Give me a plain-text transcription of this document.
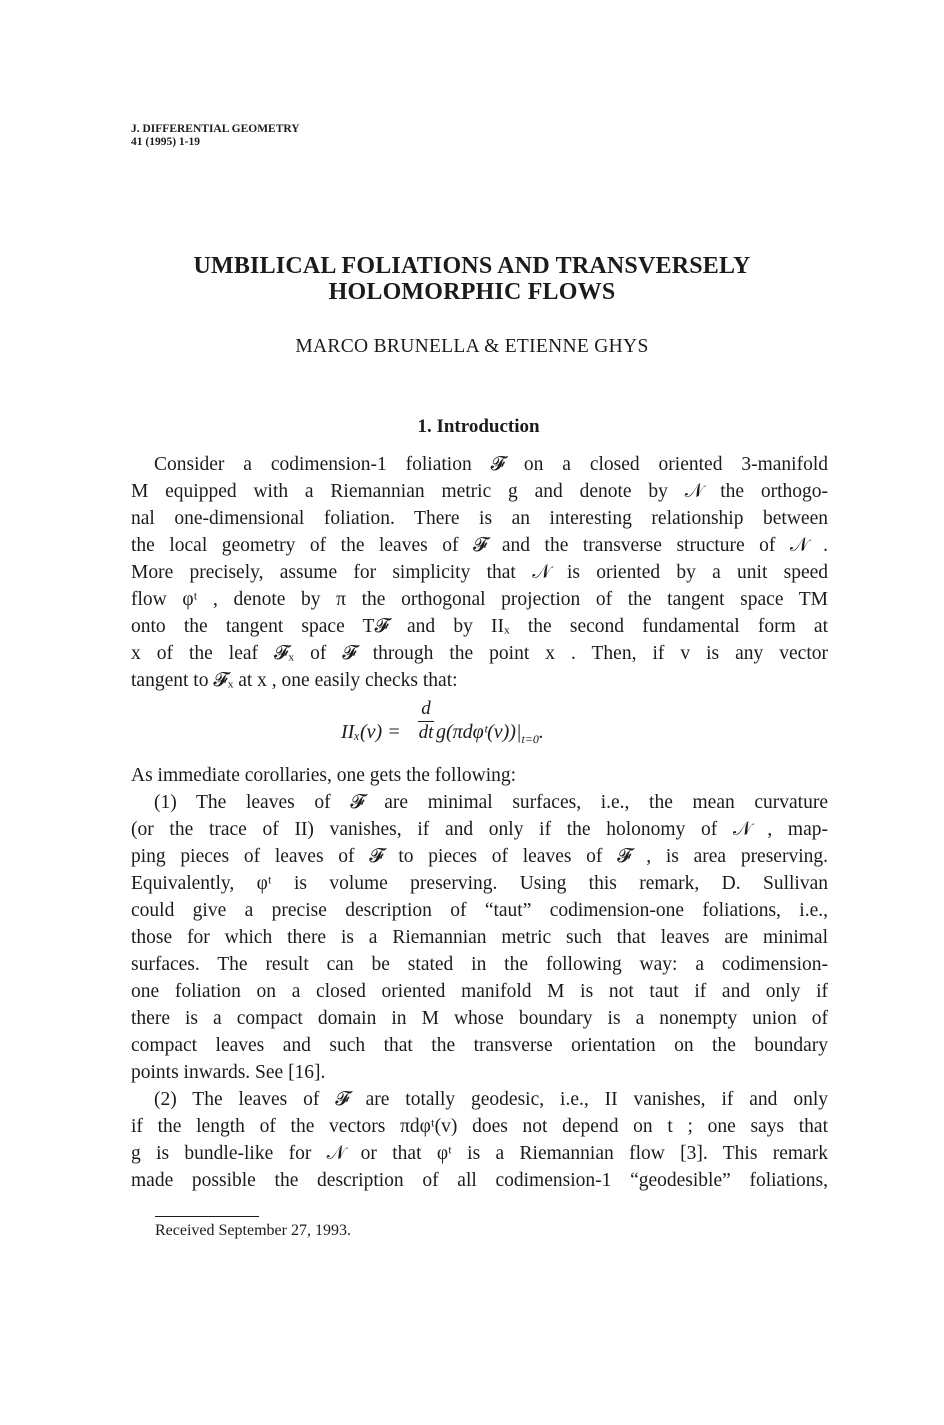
J. DIFFERENTIAL GEOMETRY
41 (1995) 1-19
UMBILICAL FOLIATIONS AND TRANSVERSELY
HOLOMORPHIC FLOWS
MARCO BRUNELLA & ETIENNE GHYS
1. Introduction
Consider a codimension-1 foliation 𝓕 on a closed oriented 3-manifold
M equipped with a Riemannian metric g and denote by 𝒩 the orthogo-
nal one-dimensional foliation. There is an interesting relationship between
the local geometry of the leaves of 𝓕 and the transverse structure of 𝒩 .
More precisely, assume for simplicity that 𝒩 is oriented by a unit speed
flow φᵗ , denote by π the orthogonal projection of the tangent space TM
onto the tangent space T𝓕 and by IIₓ the second fundamental form at
x of the leaf 𝓕ₓ of 𝓕 through the point x . Then, if v is any vector
tangent to 𝓕ₓ at x , one easily checks that:
IIₓ(v) =
d
dt $g(\pi d\varphi ᵗ(v))|_{t=0}$.
As immediate corollaries, one gets the following:
(1) The leaves of 𝓕 are minimal surfaces, i.e., the mean curvature
(or the trace of II) vanishes, if and only if the holonomy of 𝒩 , map-
ping pieces of leaves of 𝓕 to pieces of leaves of 𝓕 , is area preserving.
Equivalently, φᵗ is volume preserving. Using this remark, D. Sullivan
could give a precise description of “taut” codimension-one foliations, i.e.,
those for which there is a Riemannian metric such that leaves are minimal
surfaces. The result can be stated in the following way: a codimension-
one foliation on a closed oriented manifold M is not taut if and only if
there is a compact domain in M whose boundary is a nonempty union of
compact leaves and such that the transverse orientation on the boundary
points inwards. See [16].
(2) The leaves of 𝓕 are totally geodesic, i.e., II vanishes, if and only
if the length of the vectors πdφᵗ(v) does not depend on t ; one says that
g is bundle-like for 𝒩 or that φᵗ is a Riemannian flow [3]. This remark
made possible the description of all codimension-1 “geodesible” foliations,
Received September 27, 1993.
